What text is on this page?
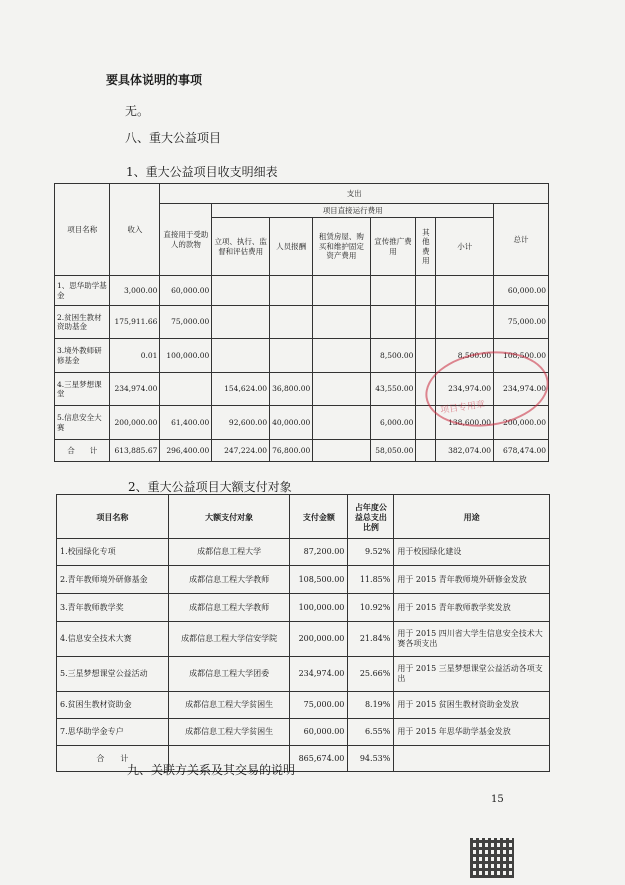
要具体说明的事项
无。
八、重大公益项目
1、重大公益项目收支明细表
项目名称	收入	支出							
		直接用于受助人的款物	项目直接运行费用						总计
			立项、执行、监督和评估费用	人员报酬	租赁房屋、购买和维护固定资产费用	宣传推广费用	其他费用	小计	
1、思华助学基金	3,000.00	60,000.00							60,000.00
2.贫困生教材资助基金	175,911.66	75,000.00							75,000.00
3.境外教师研修基金	0.01	100,000.00				8,500.00		8,500.00	108,500.00
4.三星梦想课堂	234,974.00		154,624.00	36,800.00		43,550.00		234,974.00	234,974.00
5.信息安全大赛	200,000.00	61,400.00	92,600.00	40,000.00		6,000.00		138,600.00	200,000.00
合　　计	613,885.67	296,400.00	247,224.00	76,800.00		58,050.00		382,074.00	678,474.00
项目专用章
2、重大公益项目大额支付对象
项目名称	大额支付对象	支付金额	占年度公益总支出比例	用途
1.校园绿化专项	成都信息工程大学	87,200.00	9.52%	用于校园绿化建设
2.青年教师境外研修基金	成都信息工程大学教师	108,500.00	11.85%	用于 2015 青年教师境外研修金发放
3.青年教师教学奖	成都信息工程大学教师	100,000.00	10.92%	用于 2015 青年教师教学奖发放
4.信息安全技术大赛	成都信息工程大学信安学院	200,000.00	21.84%	用于 2015 四川省大学生信息安全技术大赛各项支出
5.三星梦想课堂公益活动	成都信息工程大学团委	234,974.00	25.66%	用于 2015 三星梦想课堂公益活动各项支出
6.贫困生教材资助金	成都信息工程大学贫困生	75,000.00	8.19%	用于 2015 贫困生教材资助金发放
7.思华助学金专户	成都信息工程大学贫困生	60,000.00	6.55%	用于 2015 年思华助学基金发放
合　　计		865,674.00	94.53%	
九、关联方关系及其交易的说明
15
